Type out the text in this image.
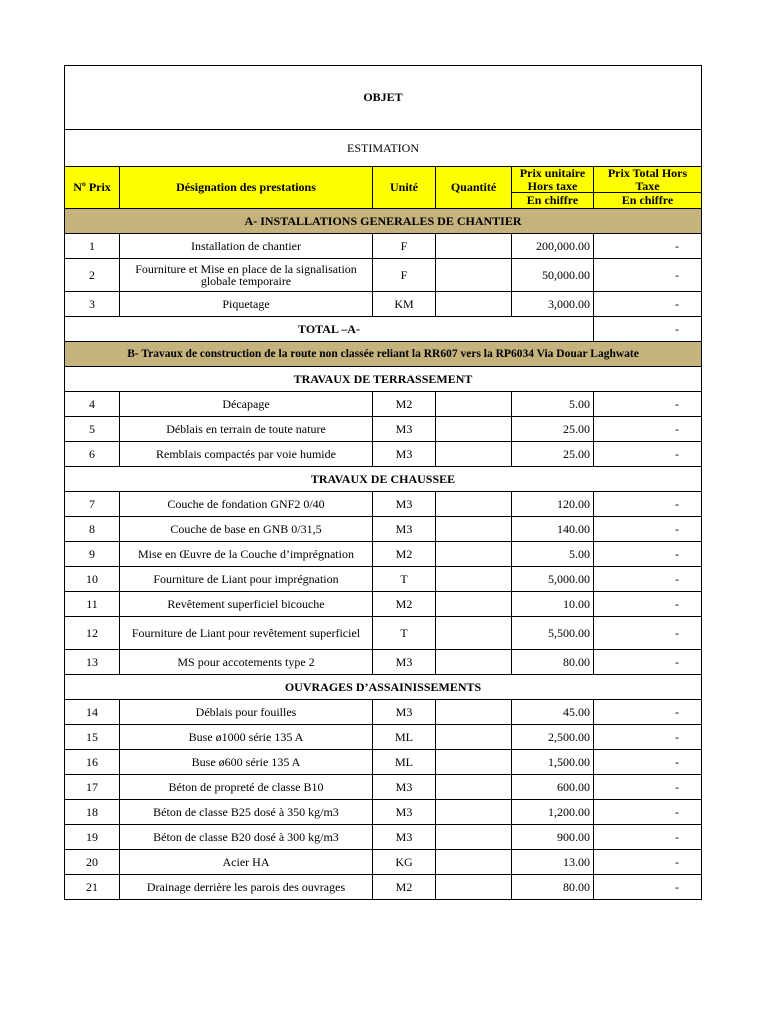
OBJET					
ESTIMATION					
Nº Prix	Désignation des prestations	Unité	Quantité	Prix unitaire Hors taxe	Prix Total Hors Taxe
				En chiffre	En chiffre
A- INSTALLATIONS GENERALES DE CHANTIER					
1	Installation de chantier	F		200,000.00	-
2	Fourniture et Mise en place de la signalisation globale temporaire	F		50,000.00	-
3	Piquetage	KM		3,000.00	-
TOTAL –A-					-
B- Travaux de construction de la route non classée reliant la RR607 vers la RP6034 Via Douar Laghwate					
TRAVAUX DE TERRASSEMENT					
4	Décapage	M2		5.00	-
5	Déblais en terrain de toute nature	M3		25.00	-
6	Remblais compactés par voie humide	M3		25.00	-
TRAVAUX DE CHAUSSEE					
7	Couche de fondation GNF2 0/40	M3		120.00	-
8	Couche de base en GNB 0/31,5	M3		140.00	-
9	Mise en Œuvre de la Couche d’imprégnation	M2		5.00	-
10	Fourniture de Liant pour imprégnation	T		5,000.00	-
11	Revêtement superficiel bicouche	M2		10.00	-
12	Fourniture de Liant pour revêtement superficiel	T		5,500.00	-
13	MS pour accotements type 2	M3		80.00	-
OUVRAGES D’ASSAINISSEMENTS					
14	Déblais pour fouilles	M3		45.00	-
15	Buse ø1000 série 135 A	ML		2,500.00	-
16	Buse ø600 série 135 A	ML		1,500.00	-
17	Béton de propreté de classe B10	M3		600.00	-
18	Béton de classe B25 dosé à 350 kg/m3	M3		1,200.00	-
19	Béton de classe B20 dosé à 300 kg/m3	M3		900.00	-
20	Acier HA	KG		13.00	-
21	Drainage derrière les parois des ouvrages	M2		80.00	-
